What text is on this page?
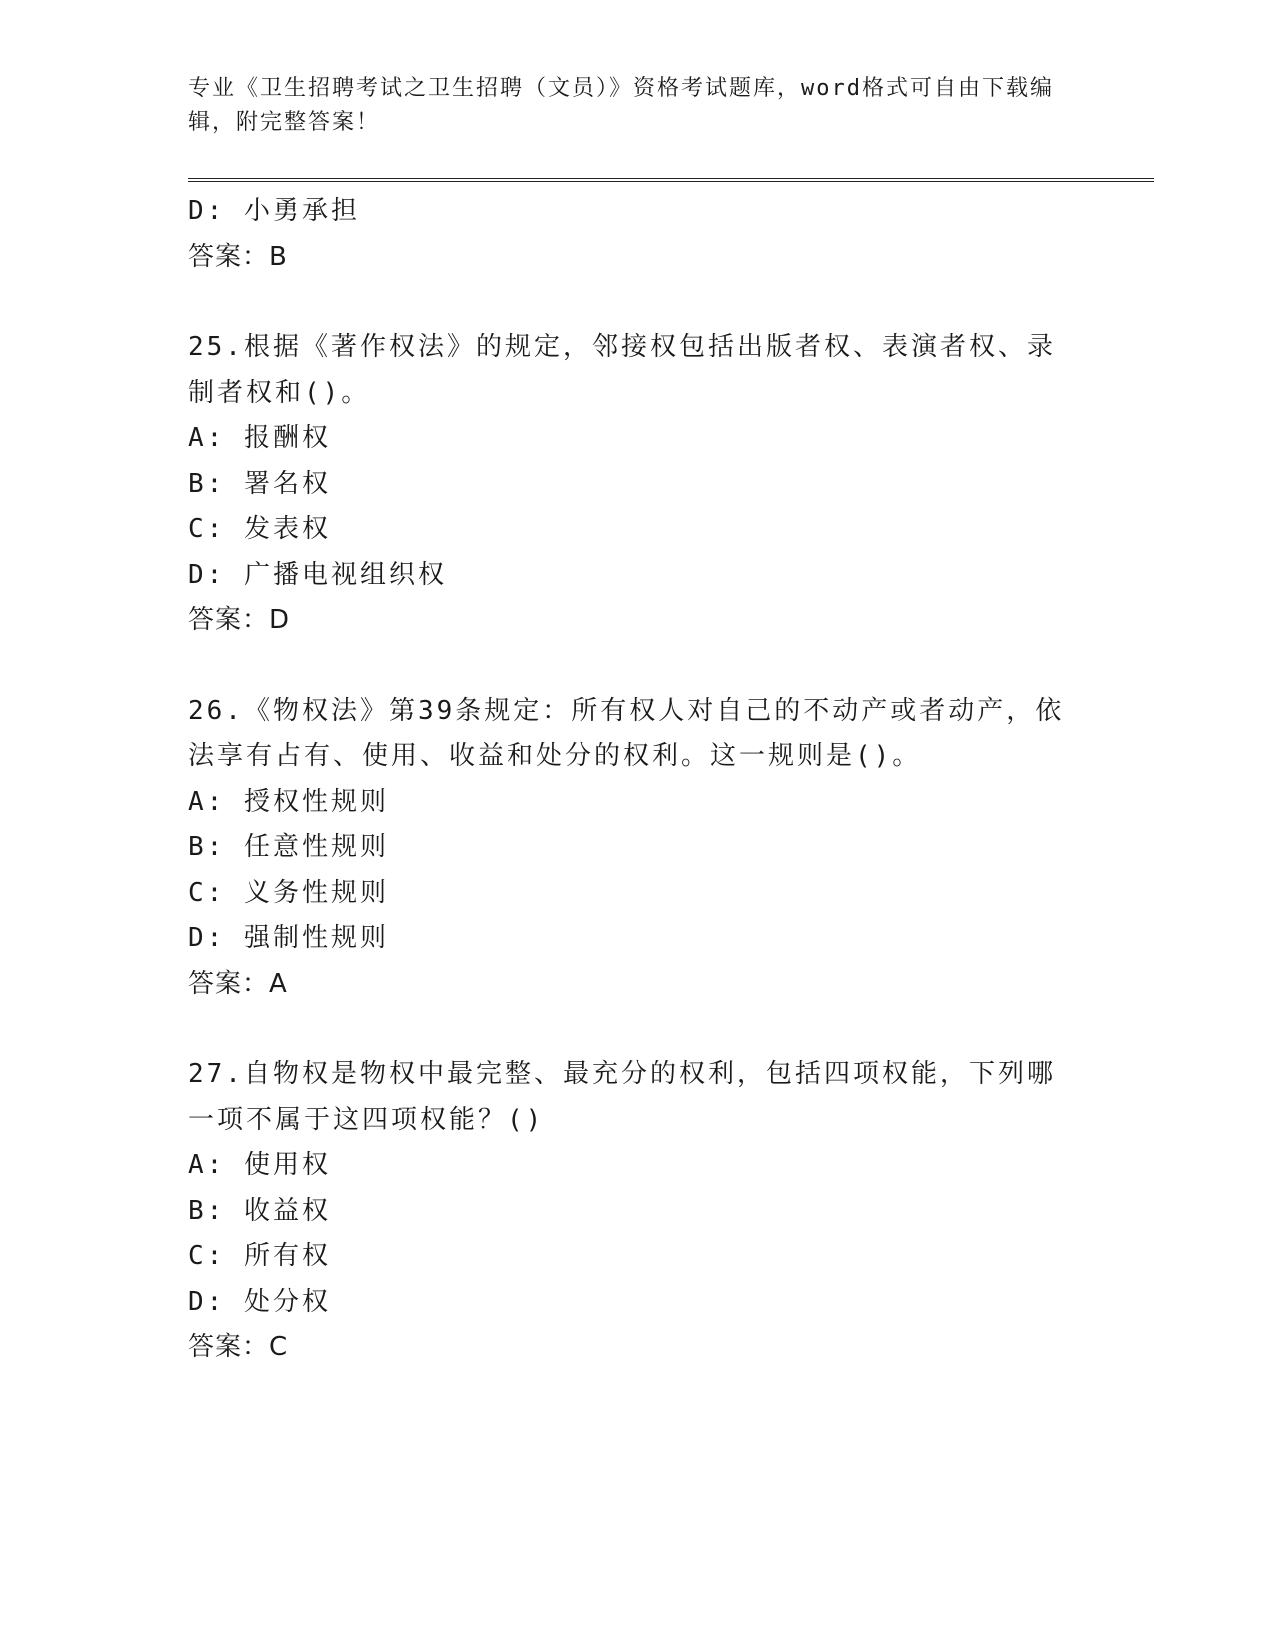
专业《卫生招聘考试之卫生招聘（文员）》资格考试题库，word格式可自由下载编辑，附完整答案！
D: 小勇承担
答案：B
25.根据《著作权法》的规定，邻接权包括出版者权、表演者权、录制者权和()。
A: 报酬权
B: 署名权
C: 发表权
D: 广播电视组织权
答案：D
26.《物权法》第39条规定：所有权人对自己的不动产或者动产，依法享有占有、使用、收益和处分的权利。这一规则是()。
A: 授权性规则
B: 任意性规则
C: 义务性规则
D: 强制性规则
答案：A
27.自物权是物权中最完整、最充分的权利，包括四项权能，下列哪一项不属于这四项权能？()
A: 使用权
B: 收益权
C: 所有权
D: 处分权
答案：C
